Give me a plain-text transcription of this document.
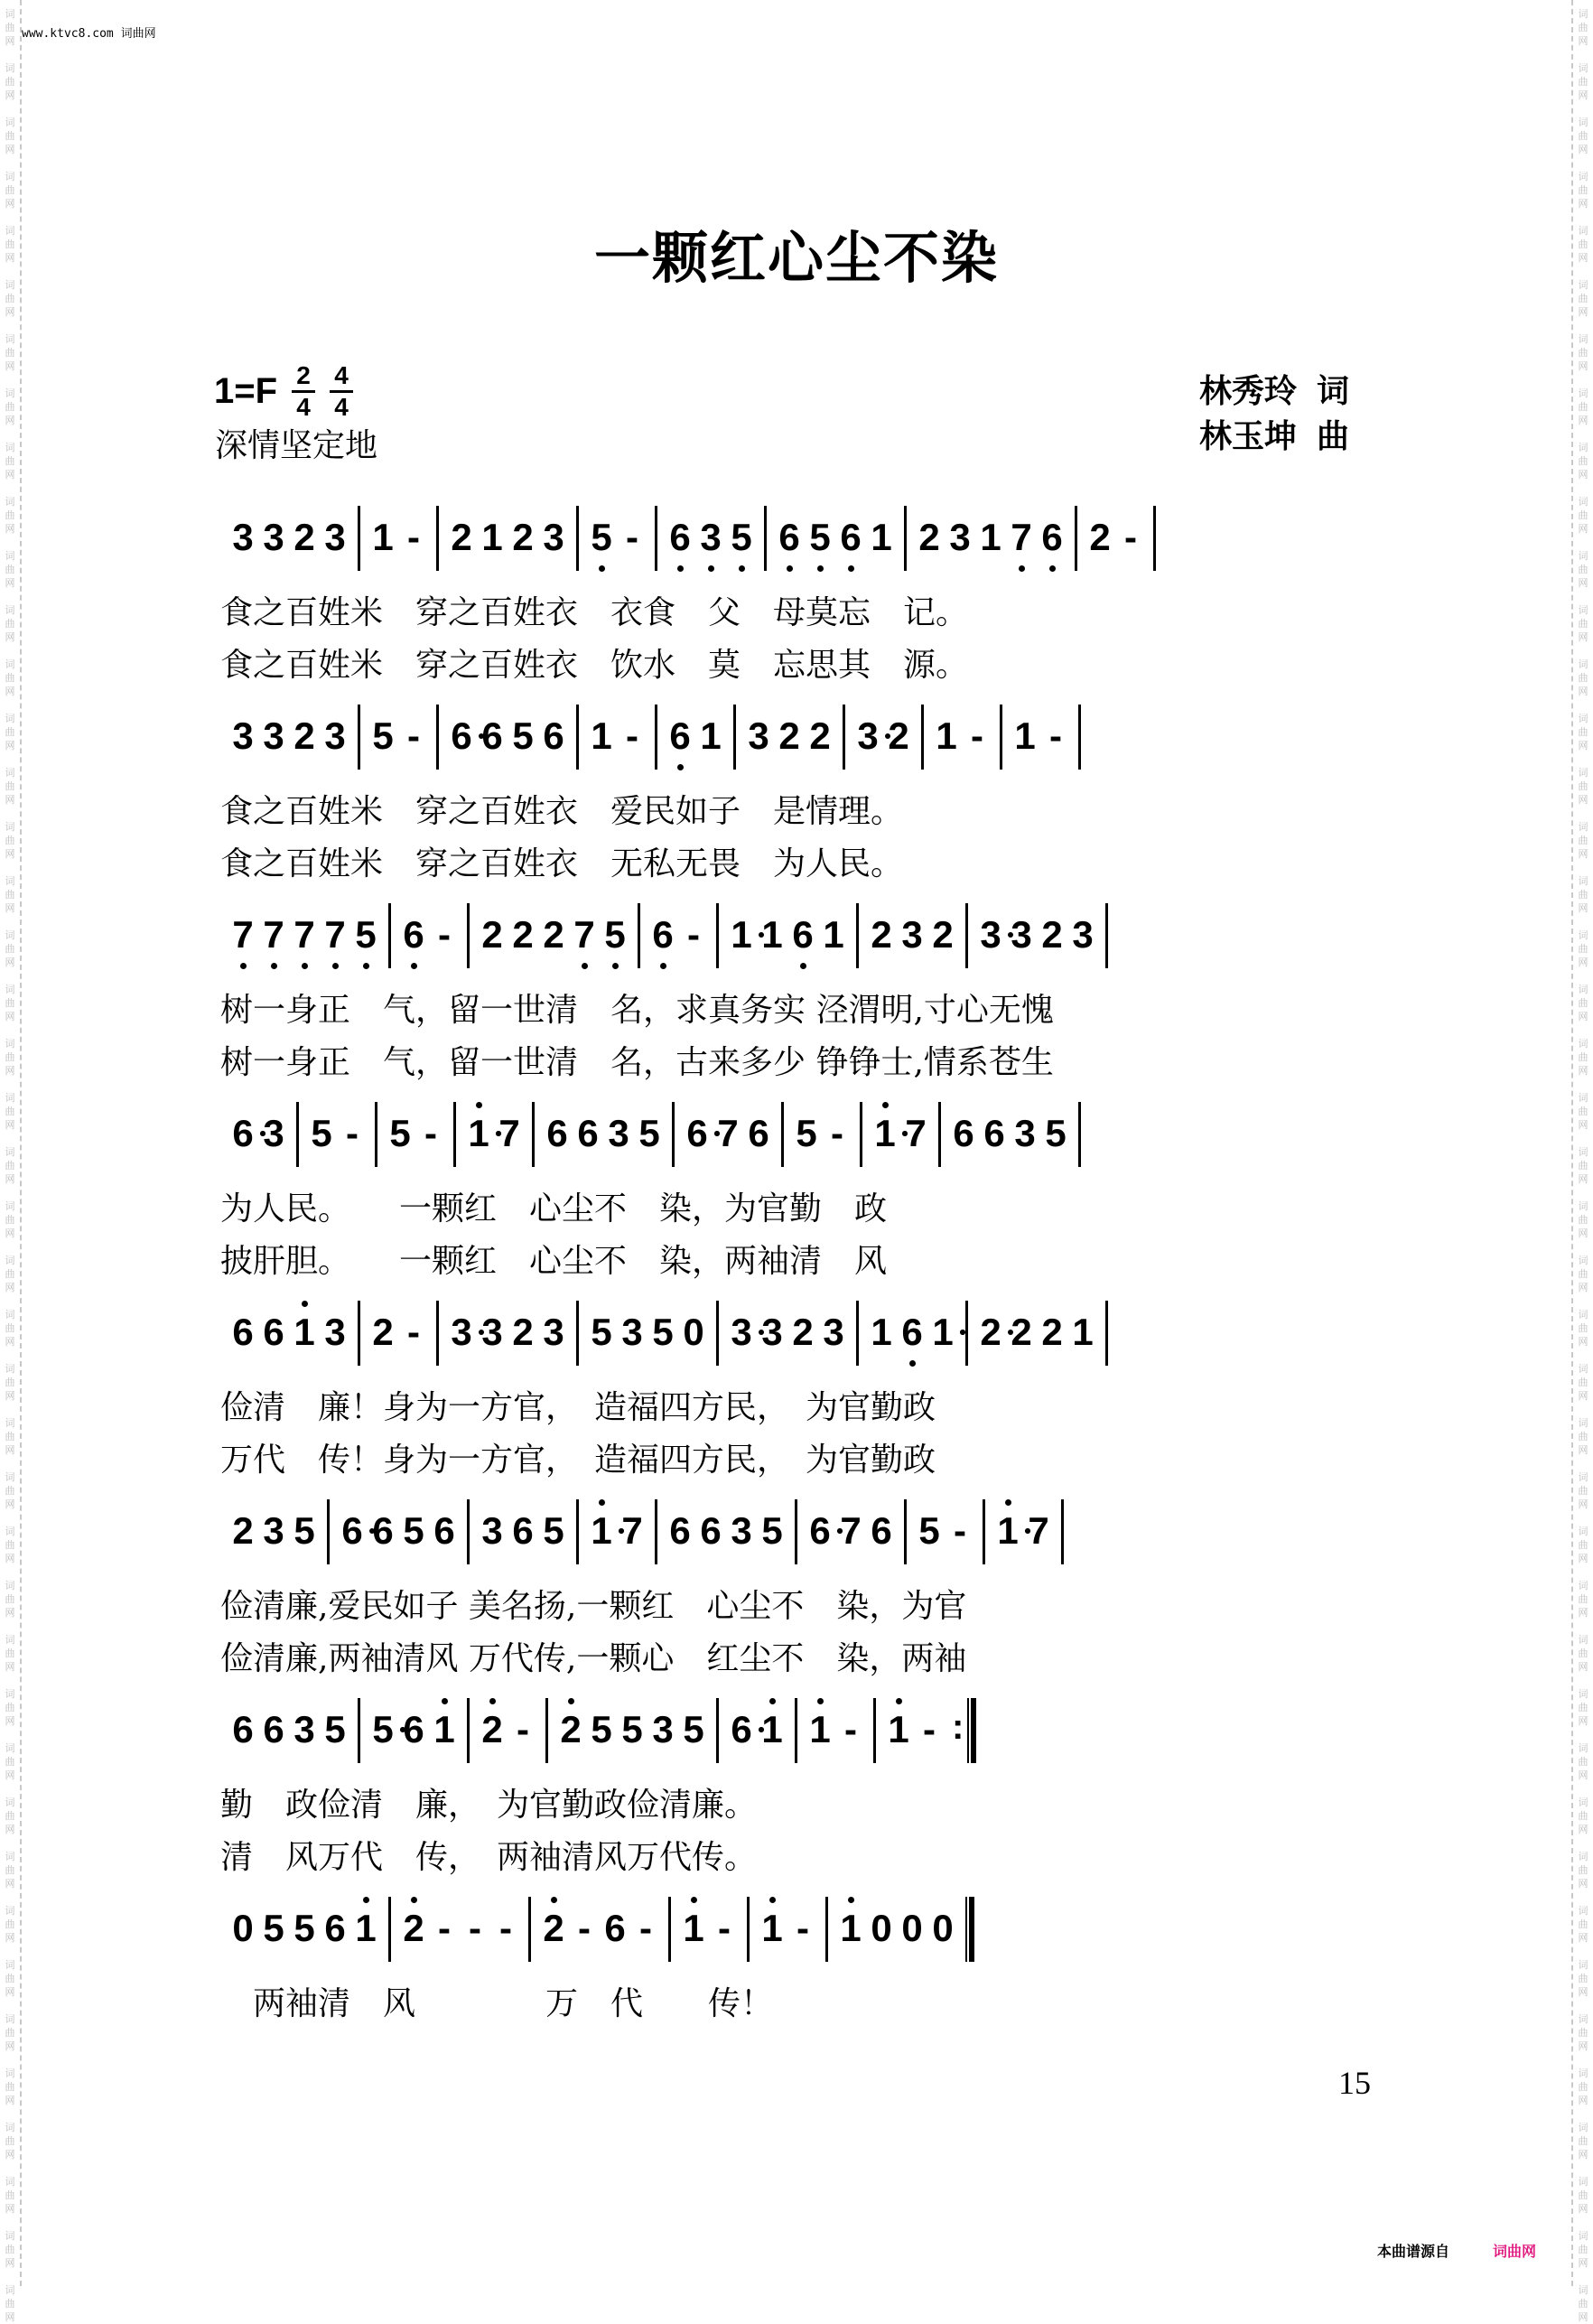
词
曲
网
词
曲
网
词
曲
网
词
曲
网
词
曲
网
词
曲
网
词
曲
网
词
曲
网
词
曲
网
词
曲
网
词
曲
网
词
曲
网
词
曲
网
词
曲
网
词
曲
网
词
曲
网
词
曲
网
词
曲
网
词
曲
网
词
曲
网
词
曲
网
词
曲
网
词
曲
网
词
曲
网
词
曲
网
词
曲
网
词
曲
网
词
曲
网
词
曲
网
词
曲
网
词
曲
网
词
曲
网
词
曲
网
词
曲
网
词
曲
网
词
曲
网
词
曲
网
词
曲
网
词
曲
网
词
曲
网
词
曲
网
词
曲
网
词
曲
网
词
曲
网
词
曲
网
词
曲
网
词
曲
网
词
曲
网
词
曲
网
词
曲
网
词
曲
网
词
曲
网
词
曲
网
词
曲
网
词
曲
网
词
曲
网
词
曲
网
词
曲
网
词
曲
网
词
曲
网
词
曲
网
词
曲
网
词
曲
网
词
曲
网
词
曲
网
词
曲
网
词
曲
网
词
曲
网
词
曲
网
词
曲
网
词
曲
网
词
曲
网
词
曲
网
词
曲
网
词
曲
网
词
曲
网
词
曲
网
词
曲
网
词
曲
网
词
曲
网
词
曲
网
词
曲
网
词
曲
网
词
曲
网
词
曲
网
词
曲
网
www.ktvc8.com 词曲网
一颗红心尘不染
$1=F \frac{2}{4} \frac{4}{4}$
深情坚定地
林秀玲 词
林玉坤 曲
3 3 2 3 1 - 2 1 2 3 5 - 6 3 5 6 5 6 1 2 3 1 7 6 2 -
食之百姓米　穿之百姓衣　衣食　父　母莫忘　记。
食之百姓米　穿之百姓衣　饮水　莫　忘思其　源。
3 3 2 3 5 - 6 6 5 6 1 - 6 1 3 2 2 3 2 1 - 1 -
食之百姓米　穿之百姓衣　爱民如子　是情理。
食之百姓米　穿之百姓衣　无私无畏　为人民。
7 7 7 7 5 6 - 2 2 2 7 5 6 - 1 1 6 1 2 3 2 3 3 2 3
树一身正　气，留一世清　名，求真务实 泾渭明,寸心无愧
树一身正　气，留一世清　名，古来多少 铮铮士,情系苍生
6 3 5 - 5 - 1 7 6 6 3 5 6 7 6 5 - 1 7 6 6 3 5
为人民。　　一颗红　心尘不　染，为官勤　政
披肝胆。　　一颗红　心尘不　染，两袖清　风
6 6 1 3 2 - 3 3 2 3 5 3 5 0 3 3 2 3 1 6 1 2 2 2 1
俭清　廉！身为一方官，　造福四方民，　为官勤政
万代　传！身为一方官，　造福四方民，　为官勤政
2 3 5 6 6 5 6 3 6 5 1 7 6 6 3 5 6 7 6 5 - 1 7
俭清廉,爱民如子 美名扬,一颗红　心尘不　染，为官
俭清廉,两袖清风 万代传,一颗心　红尘不　染，两袖
6 6 3 5 5 6 1 2 - 2 5 5 3 5 6 1 1 - 1 - :
勤　政俭清　廉，　为官勤政俭清廉。
清　风万代　传，　两袖清风万代传。
0 5 5 6 1 2 - - - 2 - 6 - 1 - 1 - 1 0 0 0
　两袖清　风　　　　万　代　　传！
15
本曲谱源自	词曲网
